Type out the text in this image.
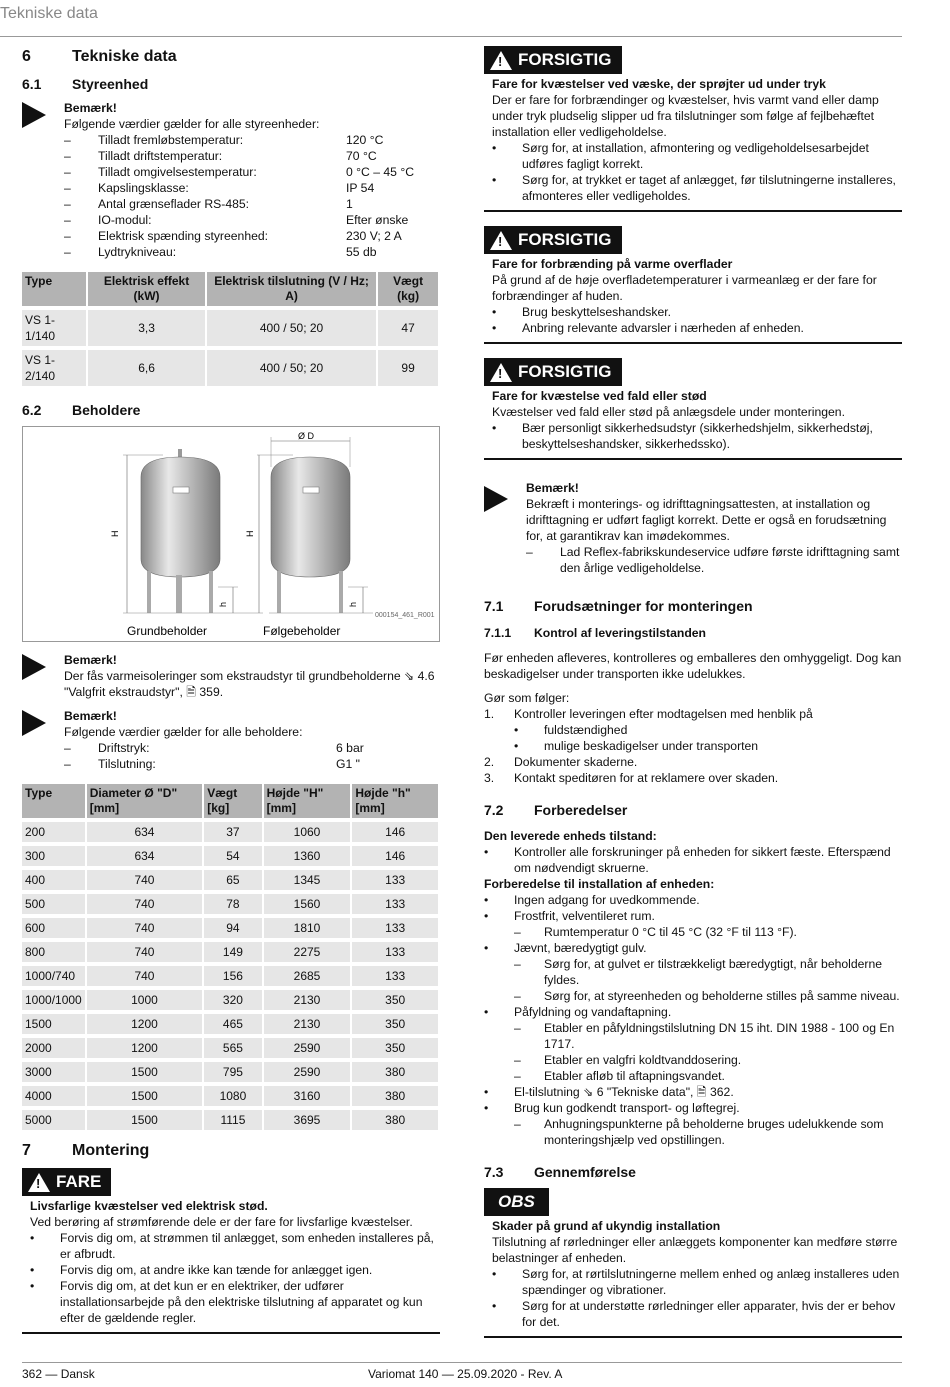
Tekniske data
6	Tekniske data
6.1	Styreenhed
Bemærk!
Følgende værdier gælder for alle styreenheder:
–	Tilladt fremløbstemperatur:	120 °C
–	Tilladt driftstemperatur:	70 °C
–	Tilladt omgivelsestemperatur:	0 °C – 45 °C
–	Kapslingsklasse:	IP 54
–	Antal grænseflader RS-485:	1
–	IO-modul:	Efter ønske
–	Elektrisk spænding styreenhed:	230 V; 2 A
–	Lydtrykniveau:	55 db
Type	Elektrisk effekt (kW)	Elektrisk tilslutning (V / Hz; A)	Vægt (kg)
VS 1-1/140	3,3	400 / 50; 20	47
VS 1-2/140	6,6	400 / 50; 20	99
6.2	Beholdere
H
h
Ø D
H
h
000154_461_R001
Grundbeholder	Følgebeholder
Bemærk!
Der fås varmeisoleringer som ekstraudstyr til grundbeholderne ⇘ 4.6 "Valgfrit ekstraudstyr", 🗎 359.
Bemærk!
Følgende værdier gælder for alle beholdere:
–	Driftstryk:	6 bar
–	Tilslutning:	G1 "
Type	Diameter Ø "D" [mm]	Vægt [kg]	Højde "H" [mm]	Højde "h" [mm]
200	634	37	1060	146
300	634	54	1360	146
400	740	65	1345	133
500	740	78	1560	133
600	740	94	1810	133
800	740	149	2275	133
1000/740	740	156	2685	133
1000/1000	1000	320	2130	350
1500	1200	465	2130	350
2000	1200	565	2590	350
3000	1500	795	2590	380
4000	1500	1080	3160	380
5000	1500	1115	3695	380
7	Montering
! FARE
Livsfarlige kvæstelser ved elektrisk stød.
Ved berøring af strømførende dele er der fare for livsfarlige kvæstelser.
•	Forvis dig om, at strømmen til anlægget, som enheden installeres på, er afbrudt.
•	Forvis dig om, at andre ikke kan tænde for anlægget igen.
•	Forvis dig om, at det kun er en elektriker, der udfører installationsarbejde på den elektriske tilslutning af apparatet og kun efter de gældende regler.
! FORSIGTIG
Fare for kvæstelser ved væske, der sprøjter ud under tryk
Der er fare for forbrændinger og kvæstelser, hvis varmt vand eller damp under tryk pludselig slipper ud fra tilslutninger som følge af fejlbehæftet installation eller vedligeholdelse.
•	Sørg for, at installation, afmontering og vedligeholdelsesarbejdet udføres fagligt korrekt.
•	Sørg for, at trykket er taget af anlægget, før tilslutningerne installeres, afmonteres eller vedligeholdes.
! FORSIGTIG
Fare for forbrænding på varme overflader
På grund af de høje overfladetemperaturer i varmeanlæg er der fare for forbrændinger af huden.
•	Brug beskyttelseshandsker.
•	Anbring relevante advarsler i nærheden af enheden.
! FORSIGTIG
Fare for kvæstelse ved fald eller stød
Kvæstelser ved fald eller stød på anlægsdele under monteringen.
•	Bær personligt sikkerhedsudstyr (sikkerhedshjelm, sikkerhedstøj, beskyttelseshandsker, sikkerhedssko).
Bemærk!
Bekræft i monterings- og idrifttagningsattesten, at installation og idrifttagning er udført fagligt korrekt. Dette er også en forudsætning for, at garantikrav kan imødekommes.
–	Lad Reflex-fabrikskundeservice udføre første idrifttagning samt den årlige vedligeholdelse.
7.1	Forudsætninger for monteringen
7.1.1	Kontrol af leveringstilstanden
Før enheden afleveres, kontrolleres og emballeres den omhyggeligt. Dog kan beskadigelser under transporten ikke udelukkes.
Gør som følger:
1.	Kontroller leveringen efter modtagelsen med henblik på
•	fuldstændighed
•	mulige beskadigelser under transporten
2.	Dokumenter skaderne.
3.	Kontakt speditøren for at reklamere over skaden.
7.2	Forberedelser
Den leverede enheds tilstand:
•	Kontroller alle forskruninger på enheden for sikkert fæste. Efterspænd om nødvendigt skruerne.
Forberedelse til installation af enheden:
•	Ingen adgang for uvedkommende.
•	Frostfrit, velventileret rum.
–	Rumtemperatur 0 °C til 45 °C (32 °F til 113 °F).
•	Jævnt, bæredygtigt gulv.
–	Sørg for, at gulvet er tilstrækkeligt bæredygtigt, når beholderne fyldes.
–	Sørg for, at styreenheden og beholderne stilles på samme niveau.
•	Påfyldning og vandaftapning.
–	Etabler en påfyldningstilslutning DN 15 iht. DIN 1988 - 100 og En 1717.
–	Etabler en valgfri koldtvanddosering.
–	Etabler afløb til aftapningsvandet.
•	El-tilslutning ⇘ 6 "Tekniske data", 🗎 362.
•	Brug kun godkendt transport- og løftegrej.
–	Anhugningspunkterne på beholderne bruges udelukkende som monteringshjælp ved opstillingen.
7.3	Gennemførelse
OBS
Skader på grund af ukyndig installation
Tilslutning af rørledninger eller anlæggets komponenter kan medføre større belastninger af enheden.
•	Sørg for, at rørtilslutningerne mellem enhed og anlæg installeres uden spændinger og vibrationer.
•	Sørg for at understøtte rørledninger eller apparater, hvis der er behov for det.
362 — Dansk	Variomat 140 — 25.09.2020 - Rev. A
